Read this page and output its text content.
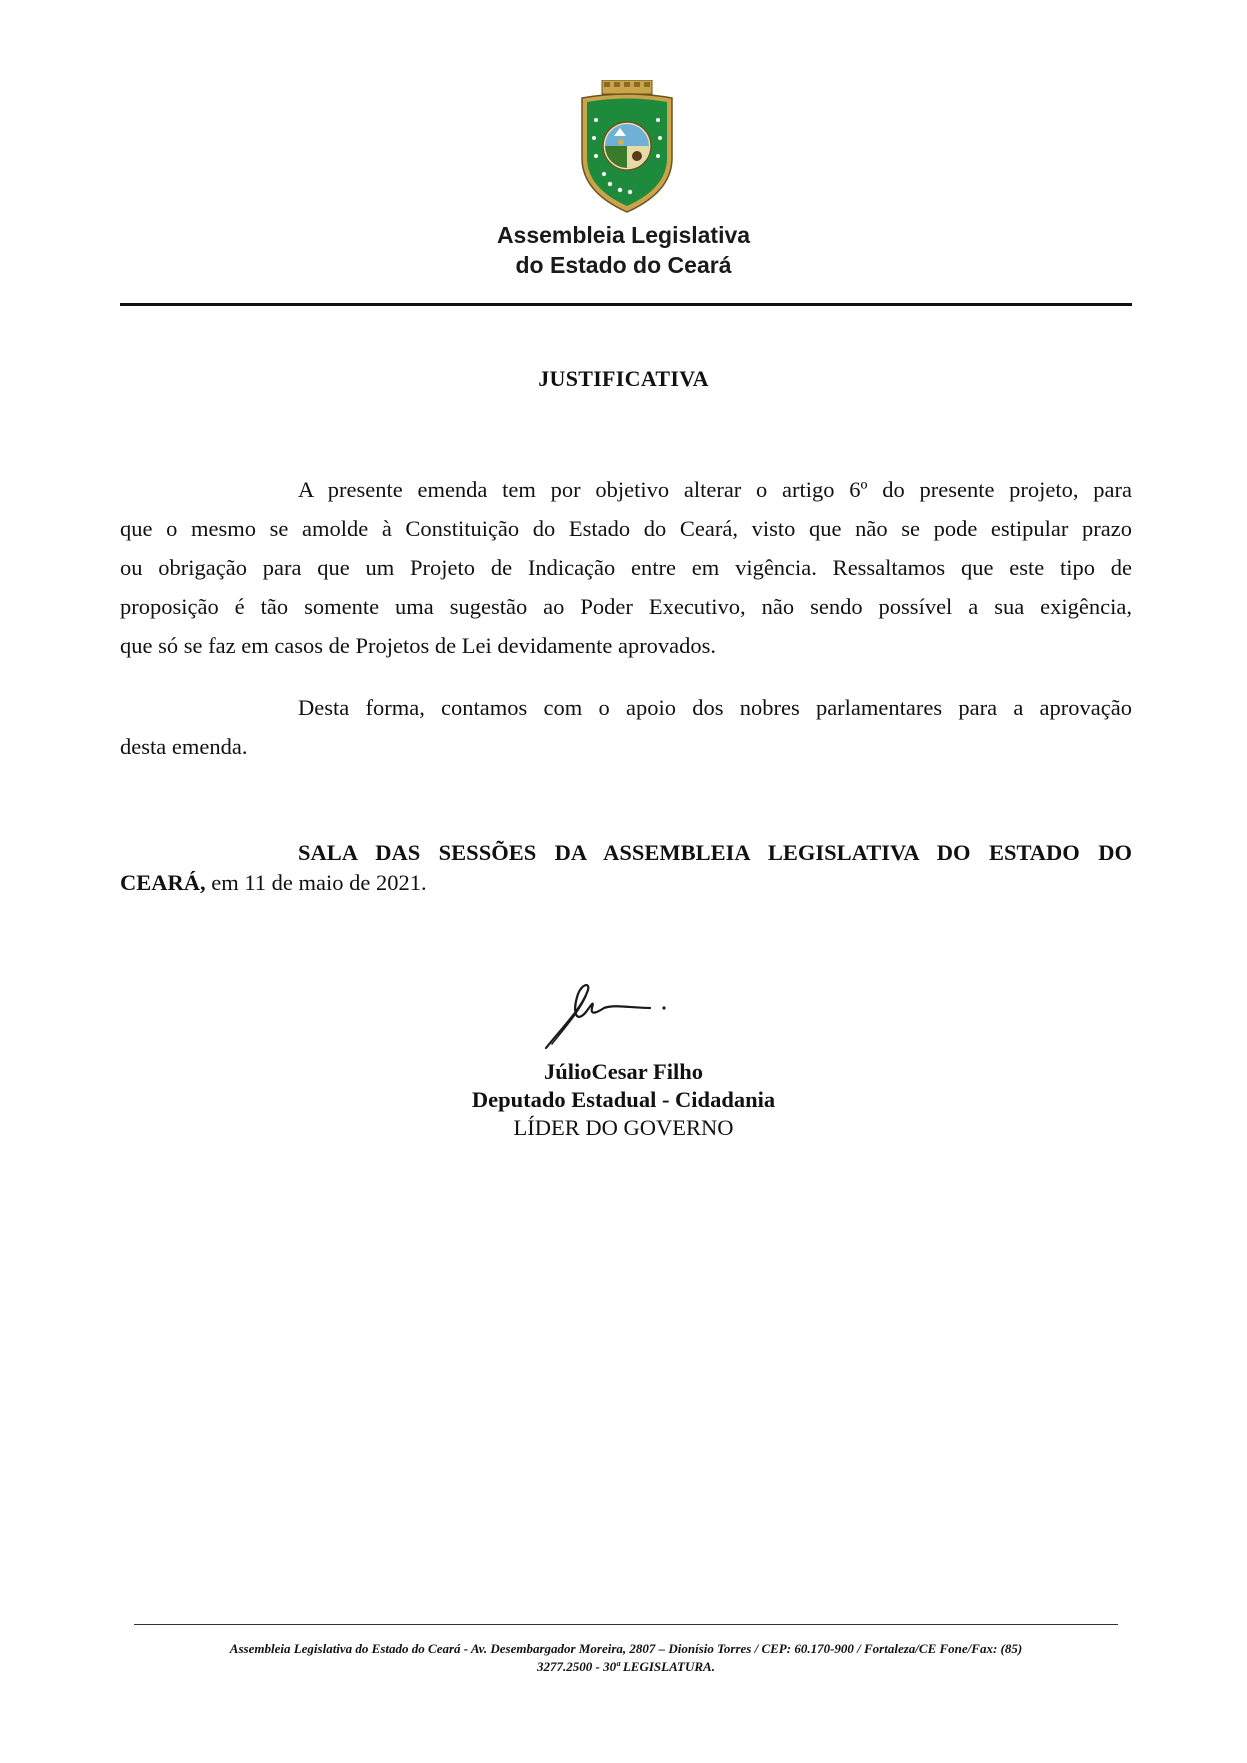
Assembleia Legislativa
do Estado do Ceará
JUSTIFICATIVA
A presente emenda tem por objetivo alterar o artigo 6º do presente projeto, para
que o mesmo se amolde à Constituição do Estado do Ceará, visto que não se pode estipular prazo
ou obrigação para que um Projeto de Indicação entre em vigência. Ressaltamos que este tipo de
proposição é tão somente uma sugestão ao Poder Executivo, não sendo possível a sua exigência,
que só se faz em casos de Projetos de Lei devidamente aprovados.
Desta forma, contamos com o apoio dos nobres parlamentares para a aprovação
desta emenda.
SALA DAS SESSÕES DA ASSEMBLEIA LEGISLATIVA DO ESTADO DO
CEARÁ, em 11 de maio de 2021.
JúlioCesar Filho
Deputado Estadual - Cidadania
LÍDER DO GOVERNO
Assembleia Legislativa do Estado do Ceará - Av. Desembargador Moreira, 2807 – Dionísio Torres / CEP: 60.170-900 / Fortaleza/CE Fone/Fax: (85)
3277.2500 - 30ª LEGISLATURA.
